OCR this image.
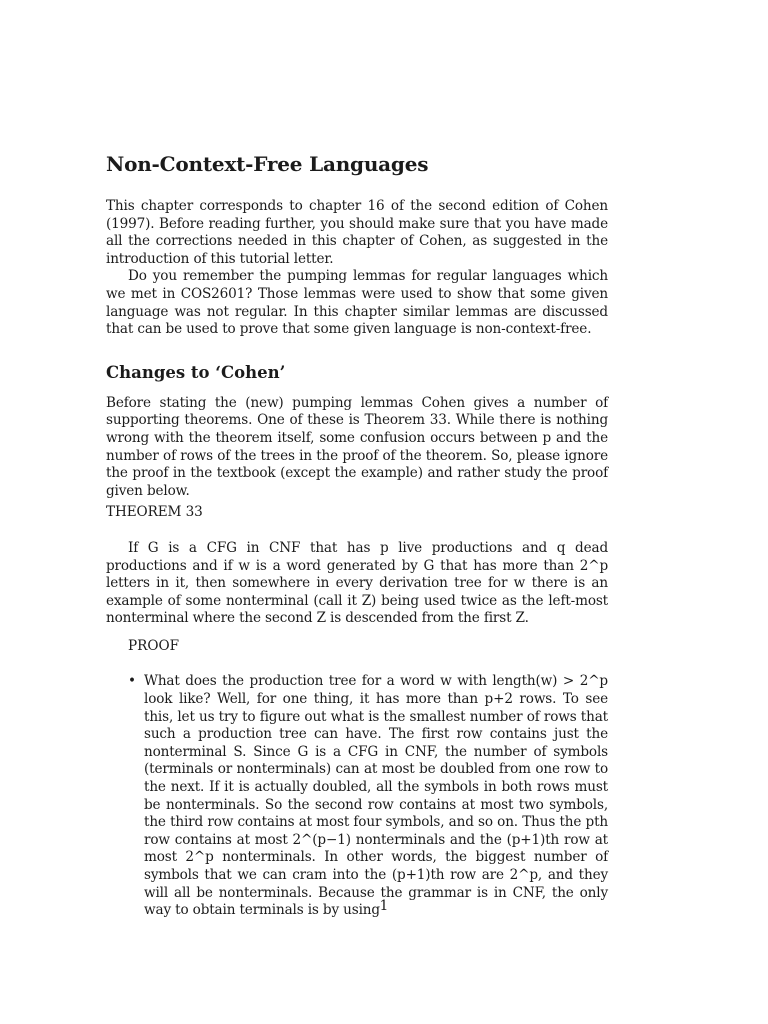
Non-Context-Free Languages

This chapter corresponds to chapter 16 of the second edition of Cohen (1997). Before reading further, you should make sure that you have made all the corrections needed in this chapter of Cohen, as suggested in the introduction of this tutorial letter.

Do you remember the pumping lemmas for regular languages which we met in COS2601? Those lemmas were used to show that some given language was not regular. In this chapter similar lemmas are discussed that can be used to prove that some given language is non-context-free.

Changes to ‘Cohen’

Before stating the (new) pumping lemmas Cohen gives a number of supporting theorems. One of these is Theorem 33. While there is nothing wrong with the theorem itself, some confusion occurs between p and the number of rows of the trees in the proof of the theorem. So, please ignore the proof in the textbook (except the example) and rather study the proof given below.

THEOREM 33

If G is a CFG in CNF that has p live productions and q dead productions and if w is a word generated by G that has more than 2^p letters in it, then somewhere in every derivation tree for w there is an example of some nonterminal (call it Z) being used twice as the left-most nonterminal where the second Z is descended from the first Z.

PROOF
• What does the production tree for a word w with length(w) > 2^p look like? Well, for one thing, it has more than p+2 rows. To see this, let us try to figure out what is the smallest number of rows that such a production tree can have. The first row contains just the nonterminal S. Since G is a CFG in CNF, the number of symbols (terminals or nonterminals) can at most be doubled from one row to the next. If it is actually doubled, all the symbols in both rows must be nonterminals. So the second row contains at most two symbols, the third row contains at most four symbols, and so on. Thus the pth row contains at most 2^(p−1) nonterminals and the (p+1)th row at most 2^p nonterminals. In other words, the biggest number of symbols that we can cram into the (p+1)th row are 2^p, and they will all be nonterminals. Because the grammar is in CNF, the only way to obtain terminals is by using 1
